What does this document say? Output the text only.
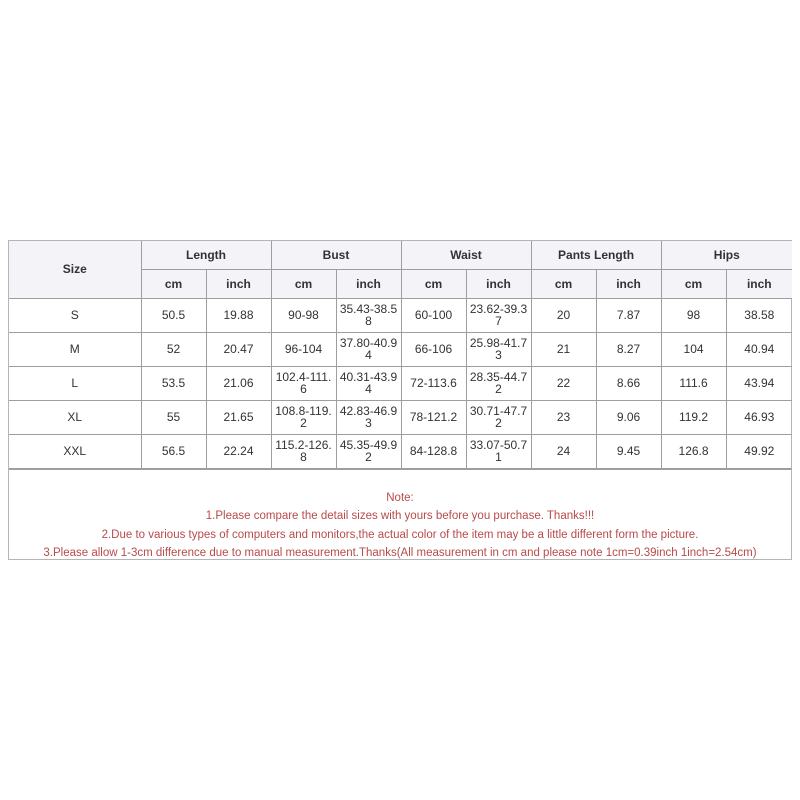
Size	Length		Bust		Waist		Pants Length		Hips	
	cm	inch	cm	inch	cm	inch	cm	inch	cm	inch
S	50.5	19.88	90-98	35.43-38.58	60-100	23.62-39.37	20	7.87	98	38.58
M	52	20.47	96-104	37.80-40.94	66-106	25.98-41.73	21	8.27	104	40.94
L	53.5	21.06	102.4-111.6	40.31-43.94	72-113.6	28.35-44.72	22	8.66	111.6	43.94
XL	55	21.65	108.8-119.2	42.83-46.93	78-121.2	30.71-47.72	23	9.06	119.2	46.93
XXL	56.5	22.24	115.2-126.8	45.35-49.92	84-128.8	33.07-50.71	24	9.45	126.8	49.92
Note:
1.Please compare the detail sizes with yours before you purchase. Thanks!!!
2.Due to various types of computers and monitors,the actual color of the item may be a little different form the picture.
3.Please allow 1-3cm difference due to manual measurement.Thanks(All measurement in cm and please note 1cm=0.39inch 1inch=2.54cm)
